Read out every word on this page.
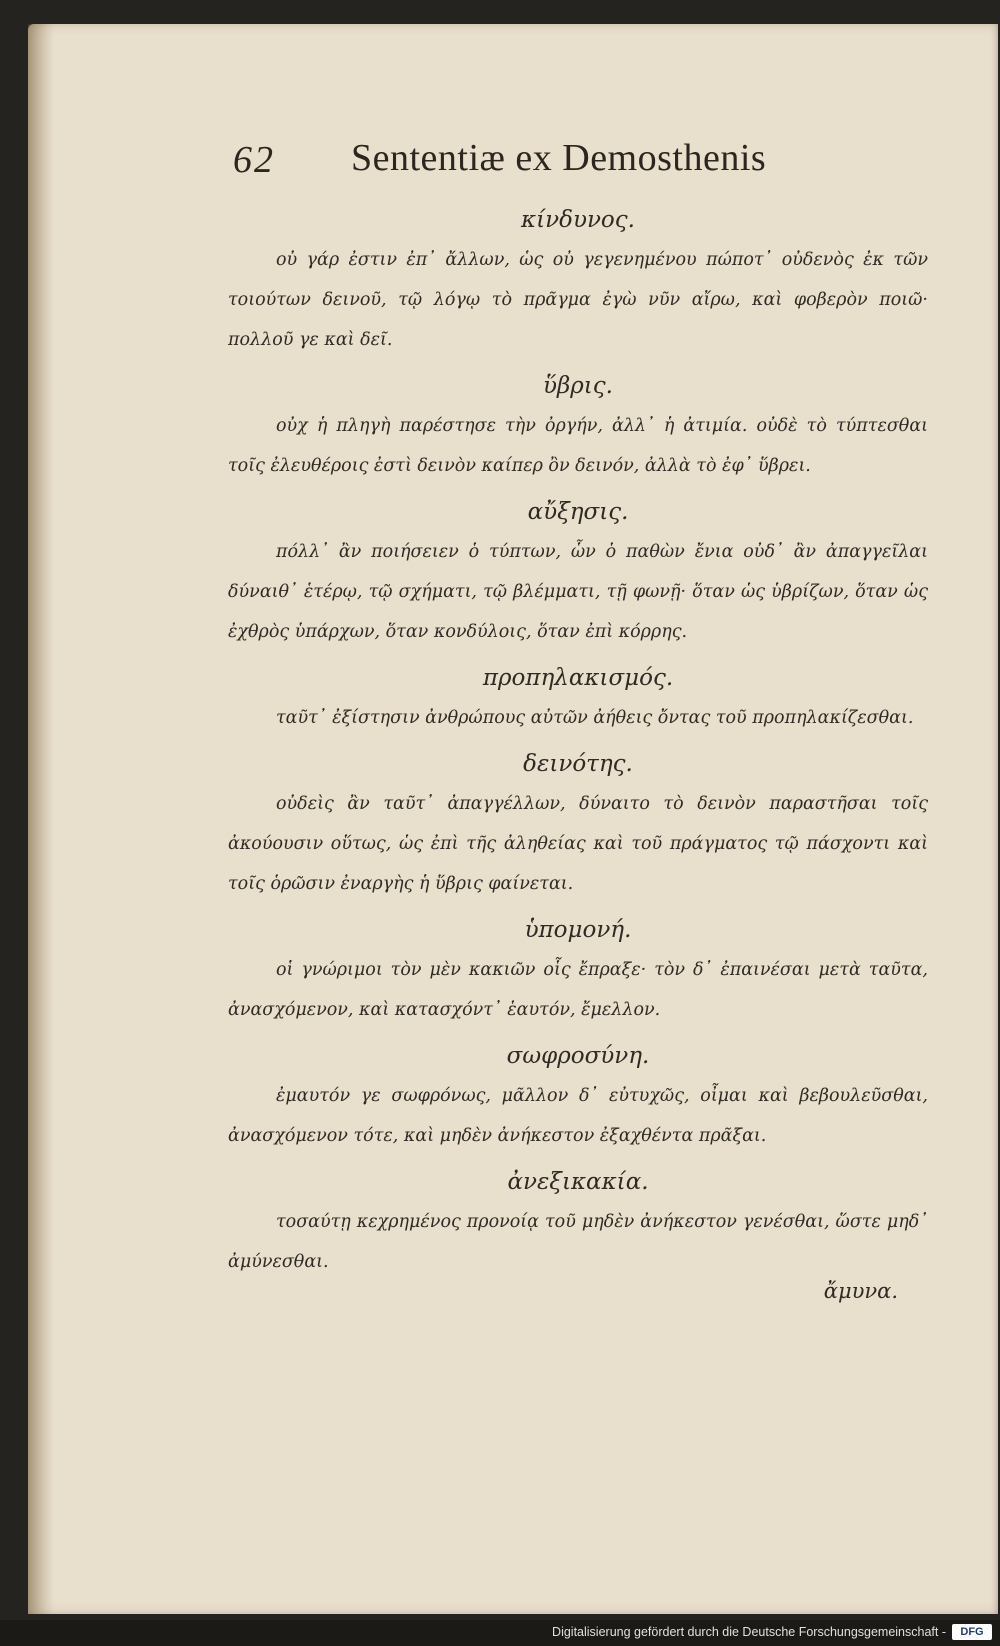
62 Sententiæ ex Demosthenis
κίνδυνος.

οὐ γάρ ἐστιν ἐπ᾽ ἄλλων, ὡς οὐ γεγενημένου πώποτ᾽ οὐδενὸς ἐκ τῶν τοιούτων δεινοῦ, τῷ λόγῳ τὸ πρᾶγμα ἐγὼ νῦν αἴρω, καὶ φοβερὸν ποιῶ· πολλοῦ γε καὶ δεῖ.

ὕβρις.

οὐχ ἡ πληγὴ παρέστησε τὴν ὀργήν, ἀλλ᾽ ἡ ἀτιμία. οὐδὲ τὸ τύπτεσθαι τοῖς ἐλευθέροις ἐστὶ δεινὸν καίπερ ὂν δεινόν, ἀλλὰ τὸ ἐφ᾽ ὕβρει.

αὔξησις.

πόλλ᾽ ἂν ποιήσειεν ὁ τύπτων, ὧν ὁ παθὼν ἔνια οὐδ᾽ ἂν ἀπαγγεῖλαι δύναιθ᾽ ἑτέρῳ, τῷ σχήματι, τῷ βλέμματι, τῇ φωνῇ· ὅταν ὡς ὑβρίζων, ὅταν ὡς ἐχθρὸς ὑπάρχων, ὅταν κονδύλοις, ὅταν ἐπὶ κόρρης.

προπηλακισμός.

ταῦτ᾽ ἐξίστησιν ἀνθρώπους αὐτῶν ἀήθεις ὄντας τοῦ προπηλακίζεσθαι.

δεινότης.

οὐδεὶς ἂν ταῦτ᾽ ἀπαγγέλλων, δύναιτο τὸ δεινὸν παραστῆσαι τοῖς ἀκούουσιν οὕτως, ὡς ἐπὶ τῆς ἀληθείας καὶ τοῦ πράγματος τῷ πάσχοντι καὶ τοῖς ὁρῶσιν ἐναργὴς ἡ ὕβρις φαίνεται.

ὑπομονή.

οἱ γνώριμοι τὸν μὲν κακιῶν οἷς ἔπραξε· τὸν δ᾽ ἐπαινέσαι μετὰ ταῦτα, ἀνασχόμενον, καὶ κατασχόντ᾽ ἑαυτόν, ἔμελλον.

σωφροσύνη.

ἐμαυτόν γε σωφρόνως, μᾶλλον δ᾽ εὐτυχῶς, οἶμαι καὶ βεβουλεῦσθαι, ἀνασχόμενον τότε, καὶ μηδὲν ἀνήκεστον ἐξαχθέντα πρᾶξαι.

ἀνεξικακία.

τοσαύτῃ κεχρημένος προνοίᾳ τοῦ μηδὲν ἀνήκεστον γενέσθαι, ὥστε μηδ᾽ ἀμύνεσθαι.

ἄμυνα.
Digitalisierung gefördert durch die Deutsche Forschungsgemeinschaft -	DFG
